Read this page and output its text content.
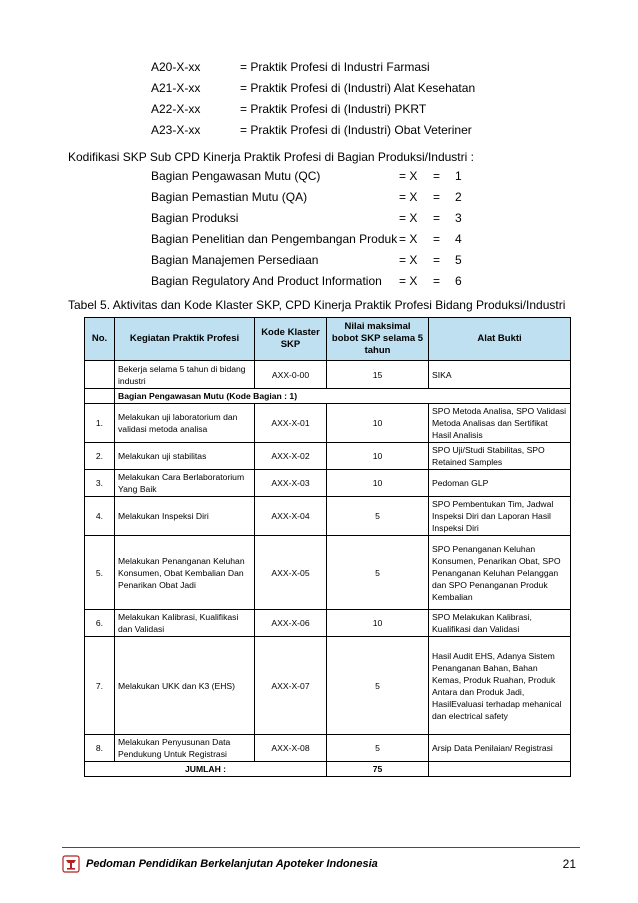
A20-X-xx	= Praktik Profesi di Industri Farmasi
A21-X-xx	= Praktik Profesi di (Industri) Alat Kesehatan
A22-X-xx	= Praktik Profesi di (Industri) PKRT
A23-X-xx	= Praktik Profesi di (Industri) Obat Veteriner
Kodifikasi SKP Sub CPD Kinerja Praktik Profesi di Bagian Produksi/Industri :
Bagian Pengawasan Mutu (QC)	= X = 1
Bagian Pemastian Mutu (QA)	= X = 2
Bagian Produksi	= X = 3
Bagian Penelitian dan Pengembangan Produk = X = 4
Bagian Manajemen Persediaan	= X = 5
Bagian Regulatory And Product Information = X = 6
Tabel 5. Aktivitas dan Kode Klaster SKP, CPD Kinerja Praktik Profesi Bidang Produksi/Industri
No.	Kegiatan Praktik Profesi	Kode Klaster SKP	Nilai maksimal bobot SKP selama 5 tahun	Alat Bukti
	Bekerja selama 5 tahun di bidang industri	AXX-0-00	15	SIKA
	Bagian Pengawasan Mutu (Kode Bagian : 1)			
1.	Melakukan uji laboratorium dan validasi metoda analisa	AXX-X-01	10	SPO Metoda Analisa, SPO Validasi Metoda Analisas dan Sertifikat Hasil Analisis
2.	Melakukan uji stabilitas	AXX-X-02	10	SPO Uji/Studi Stabilitas, SPO Retained Samples
3.	Melakukan Cara Berlaboratorium Yang Baik	AXX-X-03	10	Pedoman GLP
4.	Melakukan Inspeksi Diri	AXX-X-04	5	SPO Pembentukan Tim, Jadwal Inspeksi Diri dan Laporan Hasil Inspeksi Diri
5.	Melakukan Penanganan Keluhan Konsumen, Obat Kembalian Dan Penarikan Obat Jadi	AXX-X-05	5	SPO Penanganan Keluhan Konsumen, Penarikan Obat, SPO Penanganan Keluhan Pelanggan dan SPO Penanganan Produk Kembalian
6.	Melakukan Kalibrasi, Kualifikasi dan Validasi	AXX-X-06	10	SPO Melakukan Kalibrasi, Kualifikasi dan Validasi
7.	Melakukan UKK dan K3 (EHS)	AXX-X-07	5	Hasil Audit EHS, Adanya Sistem Penanganan Bahan, Bahan Kemas, Produk Ruahan, Produk Antara dan Produk Jadi, HasilEvaluasi terhadap mehanical dan electrical safety
8.	Melakukan Penyusunan Data Pendukung Untuk Registrasi	AXX-X-08	5	Arsip Data Penilaian/ Registrasi
JUMLAH :			75	
Pedoman Pendidikan Berkelanjutan Apoteker Indonesia	21
